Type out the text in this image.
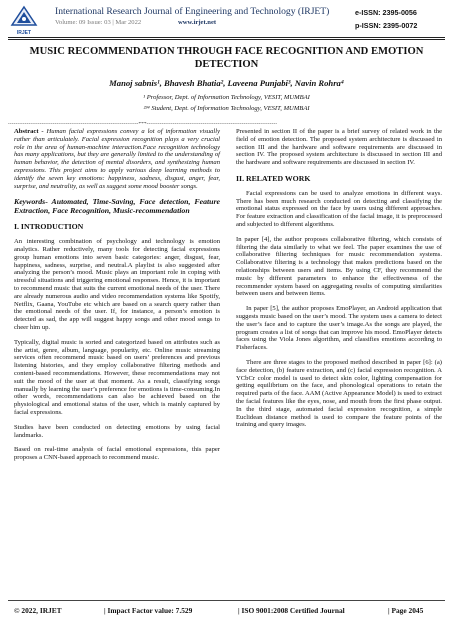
IRJET
International Research Journal of Engineering and Technology (IRJET)
Volume: 09 Issue: 03 | Mar 2022	www.irjet.net
e-ISSN: 2395-0056
p-ISSN: 2395-0072
MUSIC RECOMMENDATION THROUGH FACE RECOGNITION AND EMOTION DETECTION
Manoj sabnis¹, Bhavesh Bhatia², Laveena Punjabi³, Navin Rohra⁴
¹ Professor, Dept. of Information Technology, VESIT, MUMBAI
²³⁴ Student, Dept. of Information Technology, VESIT, MUMBAI
----------------------------------------------------------------------***----------------------------------------------------------------------

Abstract - Human facial expressions convey a lot of information visually rather than articulately. Facial expression recognition plays a very crucial role in the area of human-machine interaction.Face recognition technology has many applications, but they are generally limited to the understanding of human behavior, the detection of mental disorders, and synthesizing human expressions. This project aims to apply various deep learning methods to identify the seven key emotions: happiness, sadness, disgust, anger, fear, surprise, and neutrality, as well as suggest some mood booster songs.

Keywords- Automated, Time-Saving, Face detection, Feature Extraction, Face Recognition, Music-recommendation

I. INTRODUCTION

An interesting combination of psychology and technology is emotion analytics. Rather reductively, many tools for detecting facial expressions group human emotions into seven basic categories: anger, disgust, fear, happiness, sadness, surprise, and neutral.A playlist is also suggested after analyzing the person’s mood. Music plays an important role in coping with stressful situations and triggering emotional responses. Hence, it is important to recommend music that suits the current emotional needs of the user. There are already numerous audio and video recommendation systems like Spotify, Netflix, Gaana, YouTube etc which are based on a search query rather than the emotional needs of the user. If, for instance, a person’s emotion is detected as sad, the app will suggest happy songs and other mood songs to cheer him up.

Typically, digital music is sorted and categorized based on attributes such as the artist, genre, album, language, popularity, etc. Online music streaming services often recommend music based on users’ preferences and previous listening histories, and they employ collaborative filtering methods and content-based recommendations. However, these recommendations may not suit the mood of the user at that moment. As a result, classifying songs manually by learning the user’s preference for emotions is time-consuming.In other words, recommendations can also be achieved based on the physiological and emotional status of the user, which is mainly captured by facial expressions.

Studies have been conducted on detecting emotions by using facial landmarks.

Based on real-time analysis of facial emotional expressions, this paper proposes a CNN-based approach to recommend music.

Presented in section II of the paper is a brief survey of related work in the field of emotion detection. The proposed system architecture is discussed in section III and the hardware and software requirements are discussed in section IV. The proposed system architecture is discussed in section III and the hardware and software requirements are discussed in section IV.

II. RELATED WORK

Facial expressions can be used to analyze emotions in different ways. There has been much research conducted on detecting and classifying the emotional status expressed on the face by users using different approaches. For feature extraction and classification of the facial image, it is preprocessed and subjected to different algorithms.

In paper [4], the author proposes collaborative filtering, which consists of filtering the data similarly to what we feel. The paper examines the use of collaborative filtering techniques for music recommendation systems. Collaborative filtering is a technology that makes predictions based on the relationships between users and items. By using CF, they recommend the music by different parameters to enhance the effectiveness of the recommender system based on aggregating results of computing similarities between users and between items.

In paper [5], the author proposes EmoPlayer, an Android application that suggests music based on the user’s mood. The system uses a camera to detect the user’s face and to capture the user’s image.As the songs are played, the program creates a list of songs that can improve his mood. EmoPlayer detects faces using the Viola Jones algorithm, and classifies emotions according to Fisherfaces.

There are three stages to the proposed method described in paper [6]: (a) face detection, (b) feature extraction, and (c) facial expression recognition. A YCbCr color model is used to detect skin color, lighting compensation for getting equilibrium on the face, and phonological operations to retain the required parts of the face. AAM (Active Appearance Model) is used to extract the facial features like the eyes, nose, and mouth from the first phase output. In the third stage, automated facial expression recognition, a simple Euclidean distance method is used to compare the feature points of the training and query images.

© 2022, IRJET	| Impact Factor value: 7.529	| ISO 9001:2008 Certified Journal	| Page 2045
